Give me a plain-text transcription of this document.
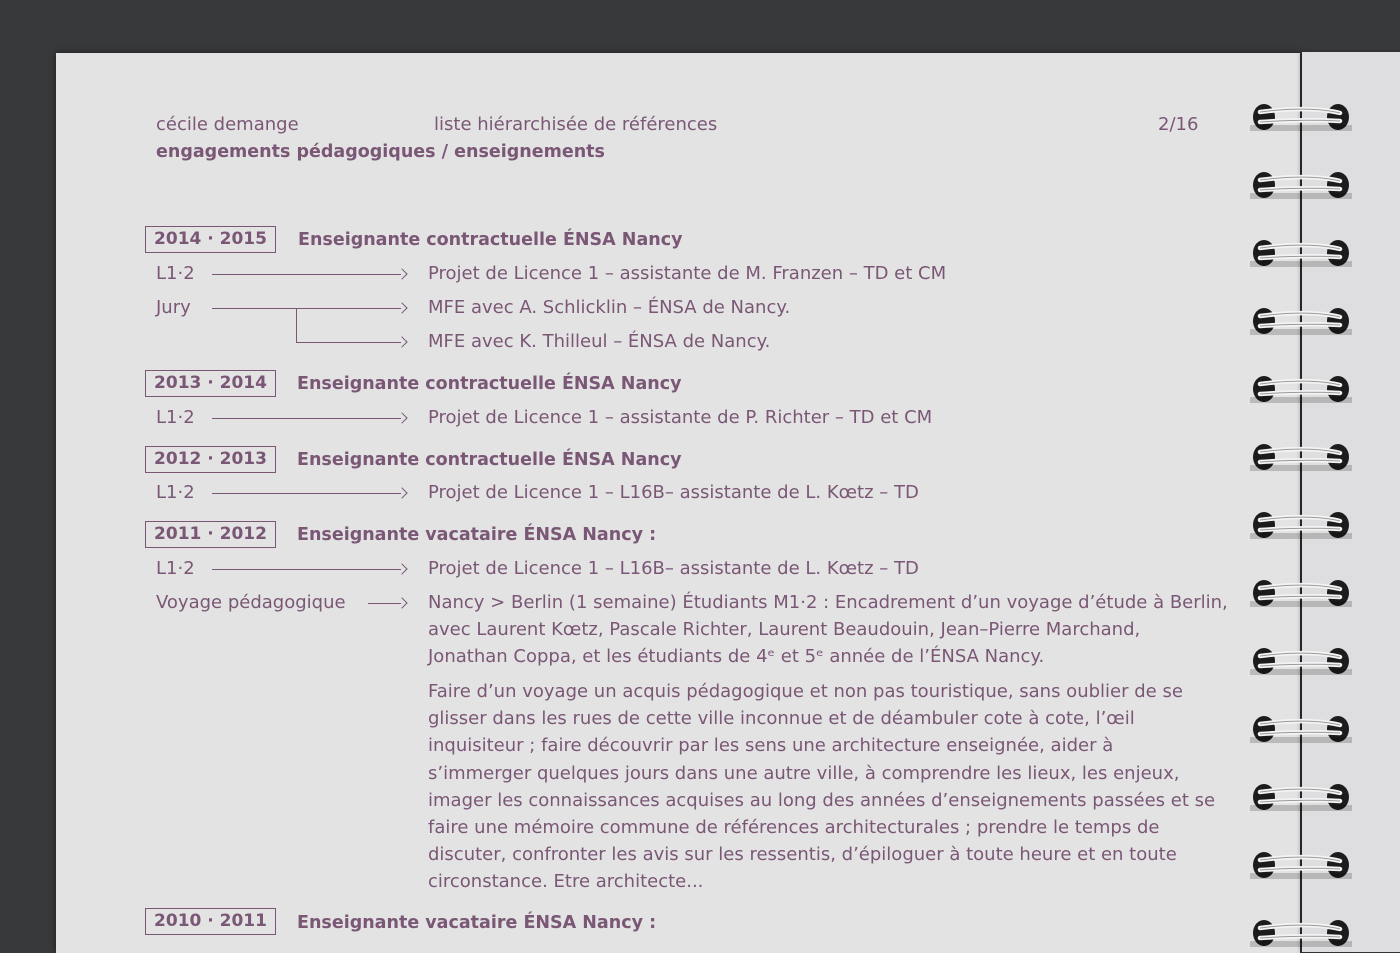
cécile demange	liste hiérarchisée de références	2/16
engagements pédagogiques / enseignements
2014 · 2015	Enseignante contractuelle ÉNSA Nancy
L1·2	Projet de Licence 1 – assistante de M. Franzen – TD et CM
Jury	MFE avec A. Schlicklin – ÉNSA de Nancy.
MFE avec K. Thilleul – ÉNSA de Nancy.
2013 · 2014	Enseignante contractuelle ÉNSA Nancy
L1·2	Projet de Licence 1 – assistante de P. Richter – TD et CM
2012 · 2013	Enseignante contractuelle ÉNSA Nancy
L1·2	Projet de Licence 1 – L16B– assistante de L. Kœtz – TD
2011 · 2012	Enseignante vacataire ÉNSA Nancy :
L1·2	Projet de Licence 1 – L16B– assistante de L. Kœtz – TD
Voyage pédagogique	Nancy > Berlin (1 semaine) Étudiants M1·2 : Encadrement d’un voyage d’étude à Berlin,
avec Laurent Kœtz, Pascale Richter, Laurent Beaudouin, Jean–Pierre Marchand,
Jonathan Coppa, et les étudiants de 4ᵉ et 5ᵉ année de l’ÉNSA Nancy.
Faire d’un voyage un acquis pédagogique et non pas touristique, sans oublier de se glisser dans les rues de cette ville inconnue et de déambuler cote à cote, l’œil inquisiteur ; faire découvrir par les sens une architecture enseignée, aider à s’immerger quelques jours dans une autre ville, à comprendre les lieux, les enjeux, imager les connaissances acquises au long des années d’enseignements passées et se faire une mémoire commune de références architecturales ; prendre le temps de discuter, confronter les avis sur les ressentis, d’épiloguer à toute heure et en toute circonstance. Etre architecte...
2010 · 2011	Enseignante vacataire ÉNSA Nancy :
